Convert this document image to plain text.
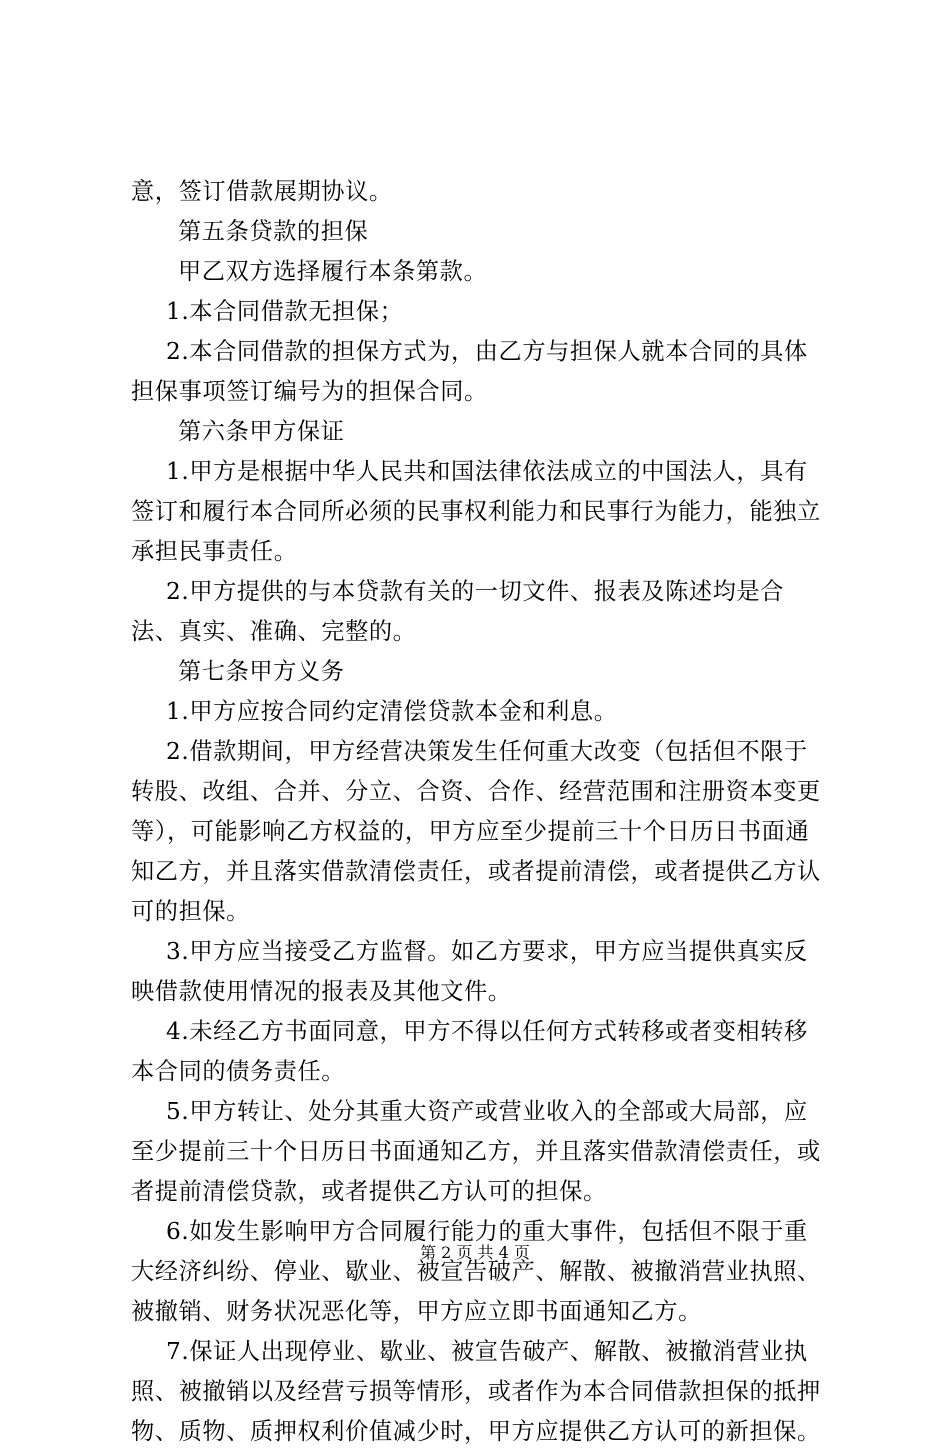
意，签订借款展期协议。

第五条贷款的担保

甲乙双方选择履行本条第款。

1.本合同借款无担保；

2.本合同借款的担保方式为，由乙方与担保人就本合同的具体担保事项签订编号为的担保合同。

第六条甲方保证

1.甲方是根据中华人民共和国法律依法成立的中国法人，具有签订和履行本合同所必须的民事权利能力和民事行为能力，能独立承担民事责任。

2.甲方提供的与本贷款有关的一切文件、报表及陈述均是合法、真实、准确、完整的。

第七条甲方义务

1.甲方应按合同约定清偿贷款本金和利息。

2.借款期间，甲方经营决策发生任何重大改变（包括但不限于转股、改组、合并、分立、合资、合作、经营范围和注册资本变更等），可能影响乙方权益的，甲方应至少提前三十个日历日书面通知乙方，并且落实借款清偿责任，或者提前清偿，或者提供乙方认可的担保。

3.甲方应当接受乙方监督。如乙方要求，甲方应当提供真实反映借款使用情况的报表及其他文件。

4.未经乙方书面同意，甲方不得以任何方式转移或者变相转移本合同的债务责任。

5.甲方转让、处分其重大资产或营业收入的全部或大局部，应至少提前三十个日历日书面通知乙方，并且落实借款清偿责任，或者提前清偿贷款，或者提供乙方认可的担保。

6.如发生影响甲方合同履行能力的重大事件，包括但不限于重大经济纠纷、停业、歇业、被宣告破产、解散、被撤消营业执照、被撤销、财务状况恶化等，甲方应立即书面通知乙方。

7.保证人出现停业、歇业、被宣告破产、解散、被撤消营业执照、被撤销以及经营亏损等情形，或者作为本合同借款担保的抵押物、质物、质押权利价值减少时，甲方应提供乙方认可的新担保。

第 2 页 共 4 页
